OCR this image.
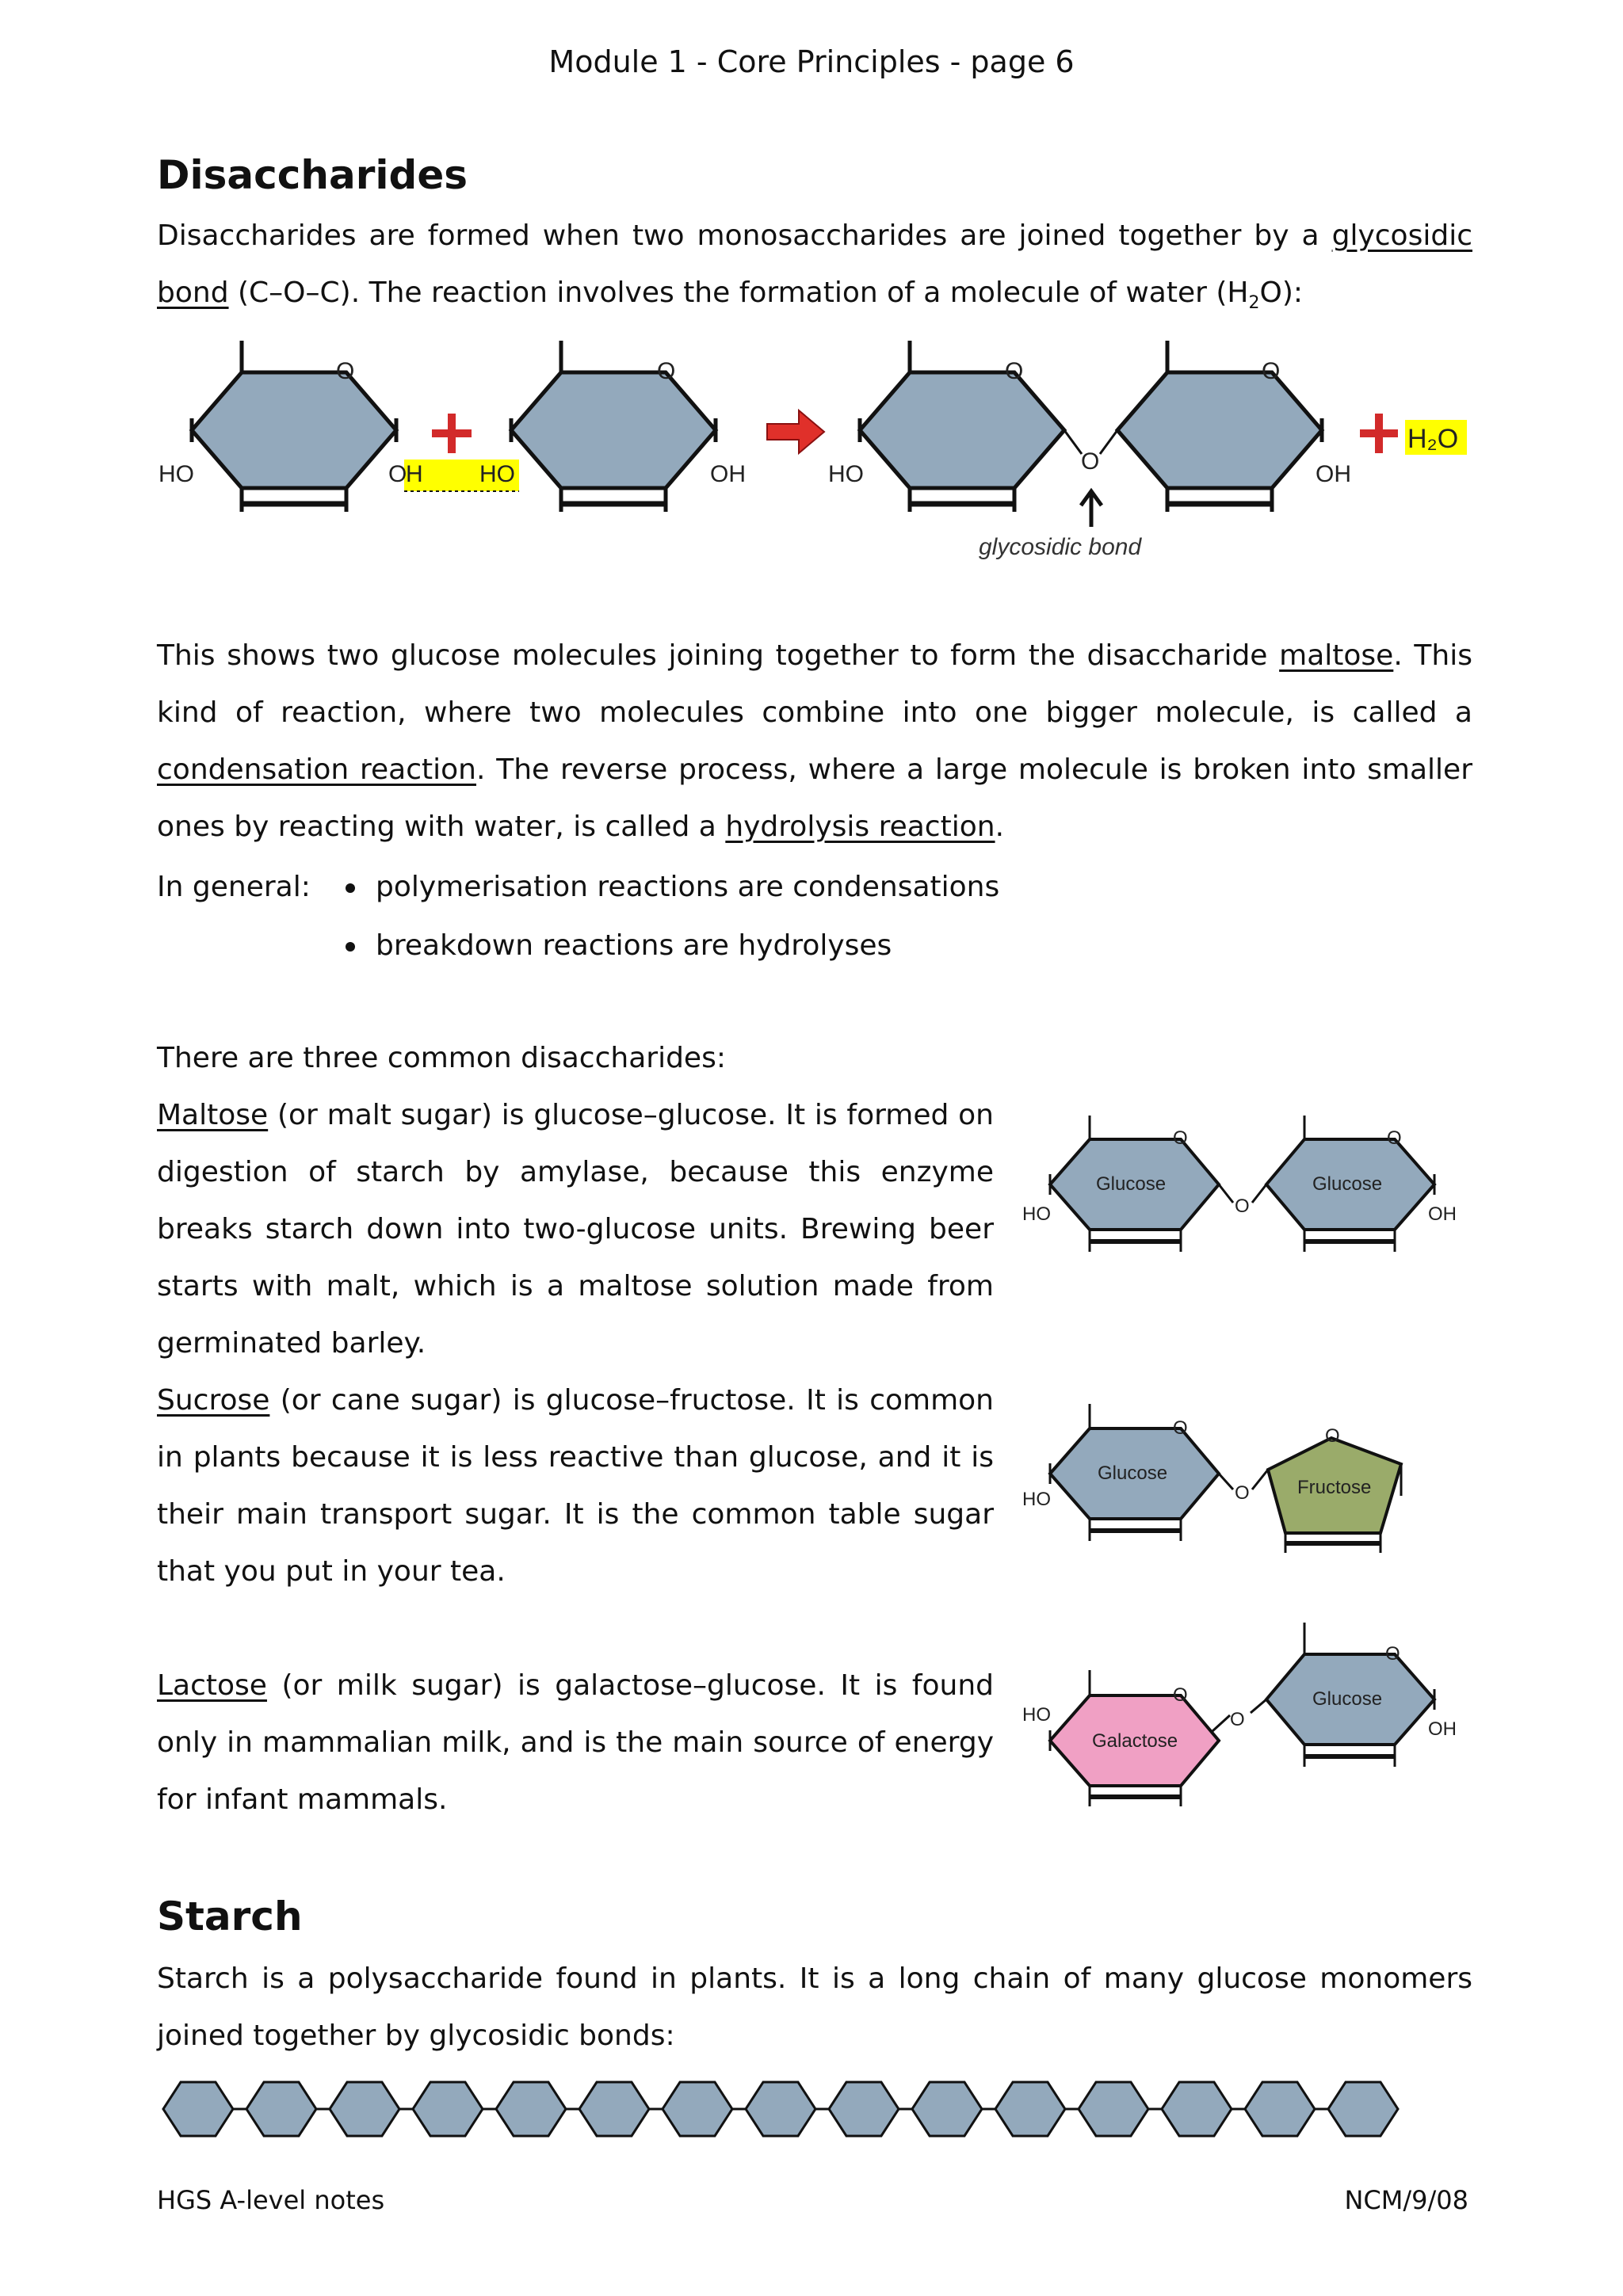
Module 1 - Core Principles - page 6
Disaccharides
Disaccharides are formed when two monosaccharides are joined together by a glycosidic bond (C–O–C). The reaction involves the formation of a molecule of water $(H_2O)$:
HO	O
H HO	OH	HO	OH
O	O	O	O
O
H₂O
glycosidic bond
This shows two glucose molecules joining together to form the disaccharide maltose. This kind of reaction, where two molecules combine into one bigger molecule, is called a condensation reaction. The reverse process, where a large molecule is broken into smaller ones by reacting with water, is called a hydrolysis reaction.
In general:	polymerisation reactions are condensations
breakdown reactions are hydrolyses
There are three common disaccharides:
Maltose (or malt sugar) is glucose–glucose. It is formed on digestion of starch by amylase, because this enzyme breaks starch down into two-glucose units. Brewing beer starts with malt, which is a maltose solution made from germinated barley.
Sucrose (or cane sugar) is glucose–fructose. It is common in plants because it is less reactive than glucose, and it is their main transport sugar. It is the common table sugar that you put in your tea.
Lactose (or milk sugar) is galactose–glucose. It is found only in mammalian milk, and is the main source of energy for infant mammals.
Glucose	Glucose
HO	OH
O	O
O
Glucose
Fructose
HO
O	O
O
Galactose
Glucose
HO
OH
O
O
O
Starch
Starch is a polysaccharide found in plants. It is a long chain of many glucose monomers joined together by glycosidic bonds:
HGS A-level notes	NCM/9/08
